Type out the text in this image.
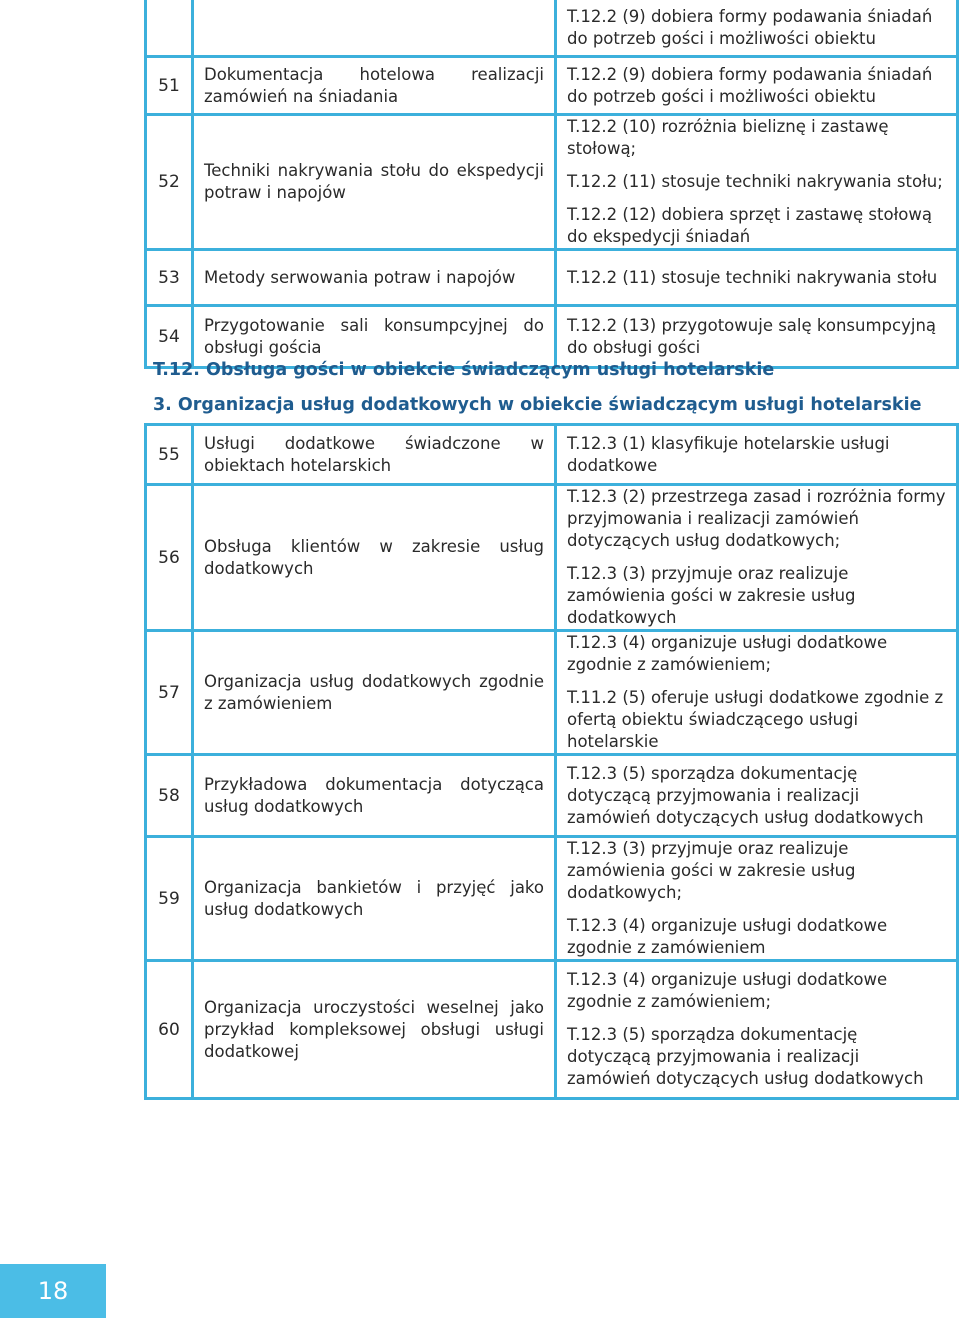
		T.12.2 (9) dobiera formy podawania śniadań do potrzeb gości i możliwości obiektu

51	Dokumentacja hotelowa realizacji zamówień na śniadania	T.12.2 (9) dobiera formy podawania śniadań do potrzeb gości i możliwości obiektu

52	Techniki nakrywania stołu do ekspedycji potraw i napojów	T.12.2 (10) rozróżnia bieliznę i zastawę stołową;

T.12.2 (11) stosuje techniki nakrywania stołu;

T.12.2 (12) dobiera sprzęt i zastawę stołową do ekspedycji śniadań

53	Metody serwowania potraw i napojów	T.12.2 (11) stosuje techniki nakrywania stołu

54	Przygotowanie sali konsumpcyjnej do obsługi gościa	T.12.2 (13) przygotowuje salę konsumpcyjną do obsługi gości

T.12. Obsługa gości w obiekcie świadczącym usługi hotelarskie
3. Organizacja usług dodatkowych w obiekcie świadczącym usługi hotelarskie
55	Usługi dodatkowe świadczone w obiektach hotelarskich	T.12.3 (1) klasyfikuje hotelarskie usługi dodatkowe

56	Obsługa klientów w zakresie usług dodatkowych	T.12.3 (2) przestrzega zasad i rozróżnia formy przyjmowania i realizacji zamówień dotyczących usług dodatkowych;

T.12.3 (3) przyjmuje oraz realizuje zamówienia gości w zakresie usług dodatkowych

57	Organizacja usług dodatkowych zgodnie z zamówieniem	T.12.3 (4) organizuje usługi dodatkowe zgodnie z zamówieniem;

T.11.2 (5) oferuje usługi dodatkowe zgodnie z ofertą obiektu świadczącego usługi hotelarskie

58	Przykładowa dokumentacja dotycząca usług dodatkowych	T.12.3 (5) sporządza dokumentację dotyczącą przyjmowania i realizacji zamówień dotyczących usług dodatkowych

59	Organizacja bankietów i przyjęć jako usług dodatkowych	T.12.3 (3) przyjmuje oraz realizuje zamówienia gości w zakresie usług dodatkowych;

T.12.3 (4) organizuje usługi dodatkowe zgodnie z zamówieniem

60	Organizacja uroczystości weselnej jako przykład kompleksowej obsługi usługi dodatkowej	T.12.3 (4) organizuje usługi dodatkowe zgodnie z zamówieniem;

T.12.3 (5) sporządza dokumentację dotyczącą przyjmowania i realizacji zamówień dotyczących usług dodatkowych

18
